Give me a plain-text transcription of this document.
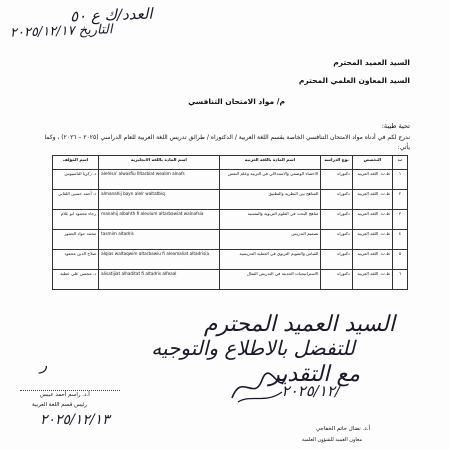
العدد/ك ع ٥٠
التاريخ ٢٠٢٥/١٢/١٧
السيد العميد المحترم
السيد المعاون العلمي المحترم
م/ مواد الامتحان التنافسي
تحية طيبة:
ندرج لكم في أدناه مواد الامتحان التنافسي الخاصة بقسم اللغة العربية / الدكتوراه / طرائق تدريس اللغة العربية للعام الدراسي (٢٠٢٥ – ٢٠٢٦) ، وكما يأتي:
ت	التخصص	نوع الدراسة	اسم المادة باللغة العربية	اسم المادة باللغة الانجليزية	اسم المؤلف
١	ط.ت. اللغة العربية	دكتوراه	الاحصاء الوصفي والاستدلالي في التربية وعلم النفس	alehlsa' alwasfiu llltarbiat wealim alnafs	د. زكريا الناسيوس
٢	ط.ت. اللغة العربية	دكتوراه	المناهج بين النظرية والتطبيق	almanahij bayn alelr waltatbiq	د. أحمد حسين اللقاني
٣	ط.ت. اللغة العربية	دكتوراه	مناهج البحث في العلوم التربوية والنفسية	manahij albahth fi aleulum altarbawiat walnafsia	رجاء محمود ابو علام
٤	ط.ت. اللغة العربية	دكتوراه	تصميم التدريس	tasmim altadris	محمد جواد الحموز
٥	ط.ت. اللغة العربية	دكتوراه	القياس والتقويم التربوي في العملية التدريسية	alqias waltaqwim altarbawiu fi aleamaliat altadrisia	صلاح الدين محمود
٦	ط.ت. اللغة العربية	دكتوراه	الاستراتيجيات الحديثة في التدريس الفعال	alisatijiat alhaditat fi altadris alfeaal	د. محسن علي عطية
السيد العميد المحترم
للتفضل بالاطلاع والتوجيه
مع التقدير
٢٠٢٥/١٢/
أ.د. نضال حاتم الخفاجي
معاون العميد للشؤون العلمية
ر
أ.د. راسم أحمد عبيس
رئيس قسم اللغة العربية
٢٠٢٥/١٢/١٣
